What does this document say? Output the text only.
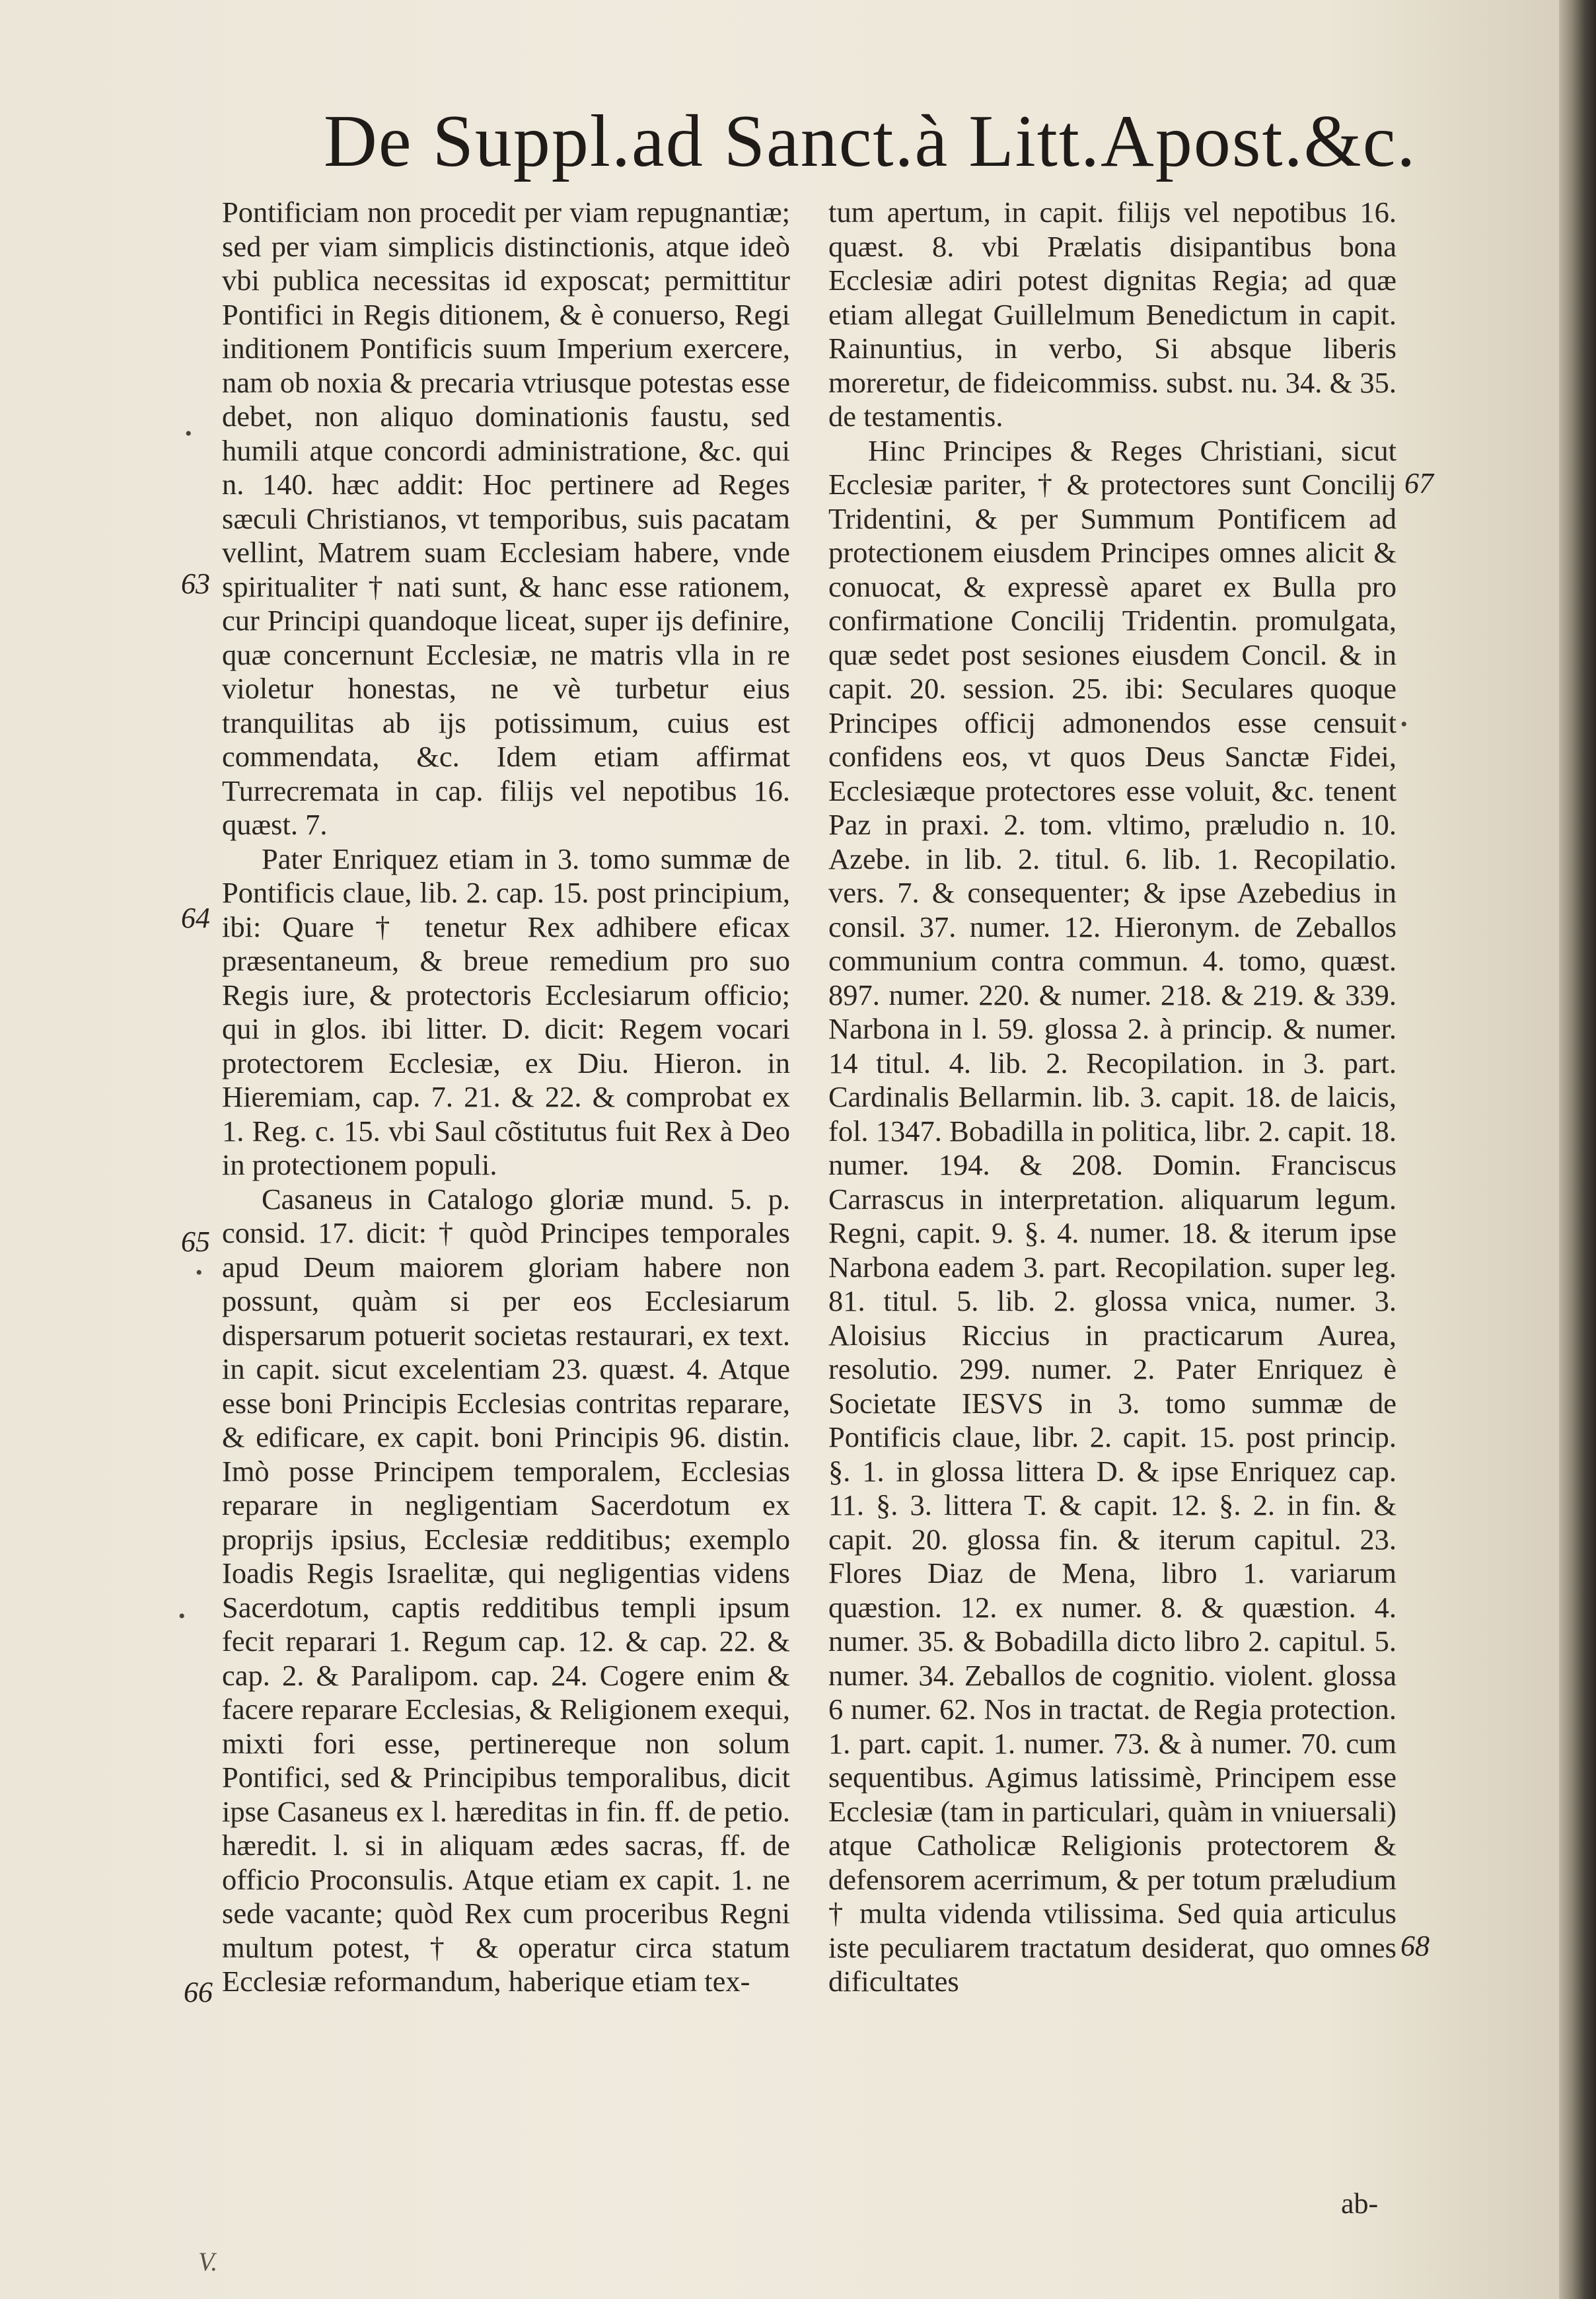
De Suppl.ad Sanct.à Litt.Apost.&c.

Pontificiam non procedit per viam repugnantiæ; sed per viam simplicis distinctionis, atque ideò vbi publica necessitas id exposcat; permittitur Pontifici in Regis ditionem, & è conuerso, Regi inditionem Pontificis suum Imperium exercere, nam ob noxia & precaria vtriusque potestas esse debet, non aliquo dominationis faustu, sed humili atque concordi administratione, &c. qui n. 140. hæc addit: Hoc pertinere ad Reges sæculi Christianos, vt temporibus, suis pacatam vellint, Matrem suam Ecclesiam habere, vnde spiritualiter † nati sunt, & hanc esse rationem, cur Principi quandoque liceat, super ijs definire, quæ concernunt Ecclesiæ, ne matris vlla in re violetur honestas, ne vè turbetur eius tranquilitas ab ijs potissimum, cuius est commendata, &c. Idem etiam affirmat Turrecremata in cap. filijs vel nepotibus 16. quæst. 7.

Pater Enriquez etiam in 3. tomo summæ de Pontificis claue, lib. 2. cap. 15. post principium, ibi: Quare † tenetur Rex adhibere eficax præsentaneum, & breue remedium pro suo Regis iure, & protectoris Ecclesiarum officio; qui in glos. ibi litter. D. dicit: Regem vocari protectorem Ecclesiæ, ex Diu. Hieron. in Hieremiam, cap. 7. 21. & 22. & comprobat ex 1. Reg. c. 15. vbi Saul cõstitutus fuit Rex à Deo in protectionem populi.

Casaneus in Catalogo gloriæ mund. 5. p. consid. 17. dicit: † quòd Principes temporales apud Deum maiorem gloriam habere non possunt, quàm si per eos Ecclesiarum dispersarum potuerit societas restaurari, ex text. in capit. sicut excelentiam 23. quæst. 4. Atque esse boni Principis Ecclesias contritas reparare, & edificare, ex capit. boni Principis 96. distin. Imò posse Principem temporalem, Ecclesias reparare in negligentiam Sacerdotum ex proprijs ipsius, Ecclesiæ redditibus; exemplo Ioadis Regis Israelitæ, qui negligentias videns Sacerdotum, captis redditibus templi ipsum fecit reparari 1. Regum cap. 12. & cap. 22. & cap. 2. & Paralipom. cap. 24. Cogere enim & facere reparare Ecclesias, & Religionem exequi, mixti fori esse, pertinereque non solum Pontifici, sed & Principibus temporalibus, dicit ipse Casaneus ex l. hæreditas in fin. ff. de petio. hæredit. l. si in aliquam ædes sacras, ff. de officio Proconsulis. Atque etiam ex capit. 1. ne sede vacante; quòd Rex cum proceribus Regni multum potest, † & operatur circa statum Ecclesiæ reformandum, haberique etiam tex-

tum apertum, in capit. filijs vel nepotibus 16. quæst. 8. vbi Prælatis disipantibus bona Ecclesiæ adiri potest dignitas Regia; ad quæ etiam allegat Guillelmum Benedictum in capit. Rainuntius, in verbo, Si absque liberis moreretur, de fideicommiss. subst. nu. 34. & 35. de testamentis.

Hinc Principes & Reges Christiani, sicut Ecclesiæ pariter, † & protectores sunt Concilij Tridentini, & per Summum Pontificem ad protectionem eiusdem Principes omnes alicit & conuocat, & expressè aparet ex Bulla pro confirmatione Concilij Tridentin. promulgata, quæ sedet post sesiones eiusdem Concil. & in capit. 20. session. 25. ibi: Seculares quoque Principes officij admonendos esse censuit confidens eos, vt quos Deus Sanctæ Fidei, Ecclesiæque protectores esse voluit, &c. tenent Paz in praxi. 2. tom. vltimo, præludio n. 10. Azebe. in lib. 2. titul. 6. lib. 1. Recopilatio. vers. 7. & consequenter; & ipse Azebedius in consil. 37. numer. 12. Hieronym. de Zeballos communium contra commun. 4. tomo, quæst. 897. numer. 220. & numer. 218. & 219. & 339. Narbona in l. 59. glossa 2. à princip. & numer. 14 titul. 4. lib. 2. Recopilation. in 3. part. Cardinalis Bellarmin. lib. 3. capit. 18. de laicis, fol. 1347. Bobadilla in politica, libr. 2. capit. 18. numer. 194. & 208. Domin. Franciscus Carrascus in interpretation. aliquarum legum. Regni, capit. 9. §. 4. numer. 18. & iterum ipse Narbona eadem 3. part. Recopilation. super leg. 81. titul. 5. lib. 2. glossa vnica, numer. 3. Aloisius Riccius in practicarum Aurea, resolutio. 299. numer. 2. Pater Enriquez è Societate IESVS in 3. tomo summæ de Pontificis claue, libr. 2. capit. 15. post princip. §. 1. in glossa littera D. & ipse Enriquez cap. 11. §. 3. littera T. & capit. 12. §. 2. in fin. & capit. 20. glossa fin. & iterum capitul. 23. Flores Diaz de Mena, libro 1. variarum quæstion. 12. ex numer. 8. & quæstion. 4. numer. 35. & Bobadilla dicto libro 2. capitul. 5. numer. 34. Zeballos de cognitio. violent. glossa 6 numer. 62. Nos in tractat. de Regia protection. 1. part. capit. 1. numer. 73. & à numer. 70. cum sequentibus. Agimus latissimè, Principem esse Ecclesiæ (tam in particulari, quàm in vniuersali) atque Catholicæ Religionis protectorem & defensorem acerrimum, & per totum præludium † multa videnda vtilissima. Sed quia articulus iste peculiarem tractatum desiderat, quo omnes dificultates

63
64
65
66
67
68
•
•
•
•
ab-
V.
